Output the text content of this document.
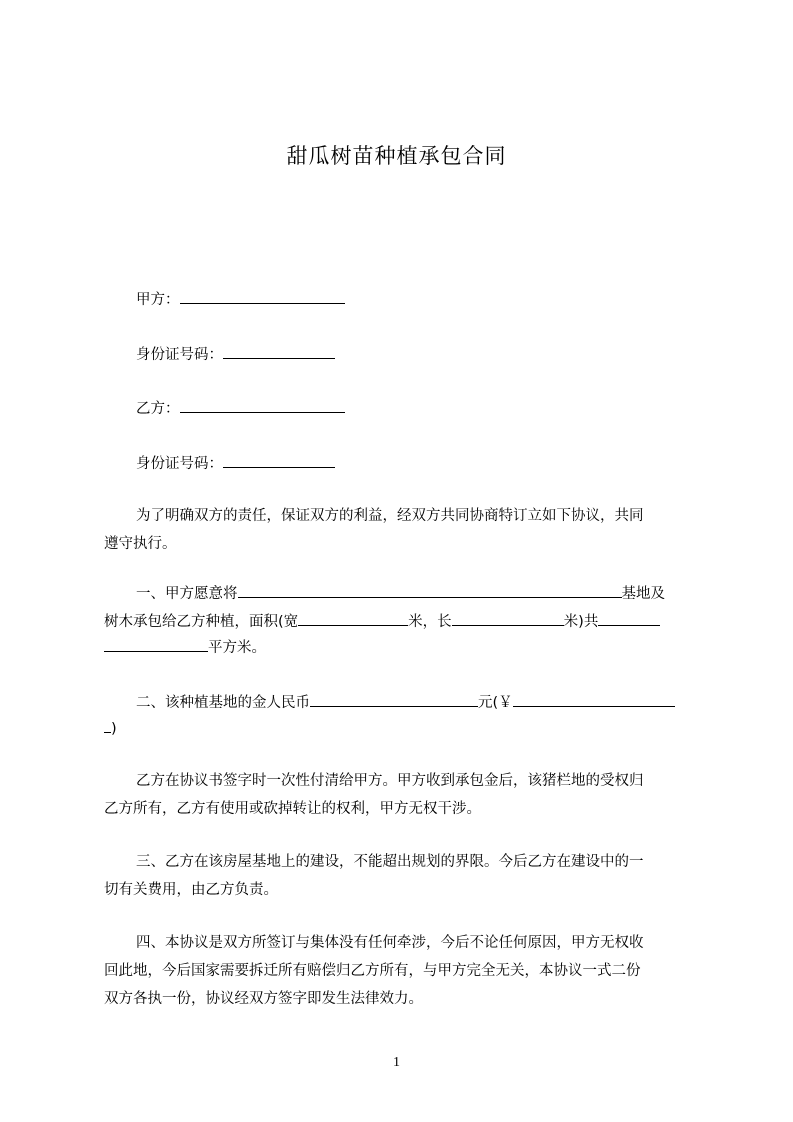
甜瓜树苗种植承包合同
甲方：
身份证号码：
乙方：
身份证号码：
为了明确双方的责任，保证双方的利益，经双方共同协商特订立如下协议，共同
遵守执行。
一、甲方愿意将	基地及
树木承包给乙方种植，面积(宽	米，长	米)共
平方米。
二、该种植基地的金人民币	元(￥
)
乙方在协议书签字时一次性付清给甲方。甲方收到承包金后，该猪栏地的受权归
乙方所有，乙方有使用或砍掉转让的权利，甲方无权干涉。
三、乙方在该房屋基地上的建设，不能超出规划的界限。今后乙方在建设中的一
切有关费用，由乙方负责。
四、本协议是双方所签订与集体没有任何牵涉，今后不论任何原因，甲方无权收
回此地，今后国家需要拆迁所有赔偿归乙方所有，与甲方完全无关，本协议一式二份
双方各执一份，协议经双方签字即发生法律效力。
1
